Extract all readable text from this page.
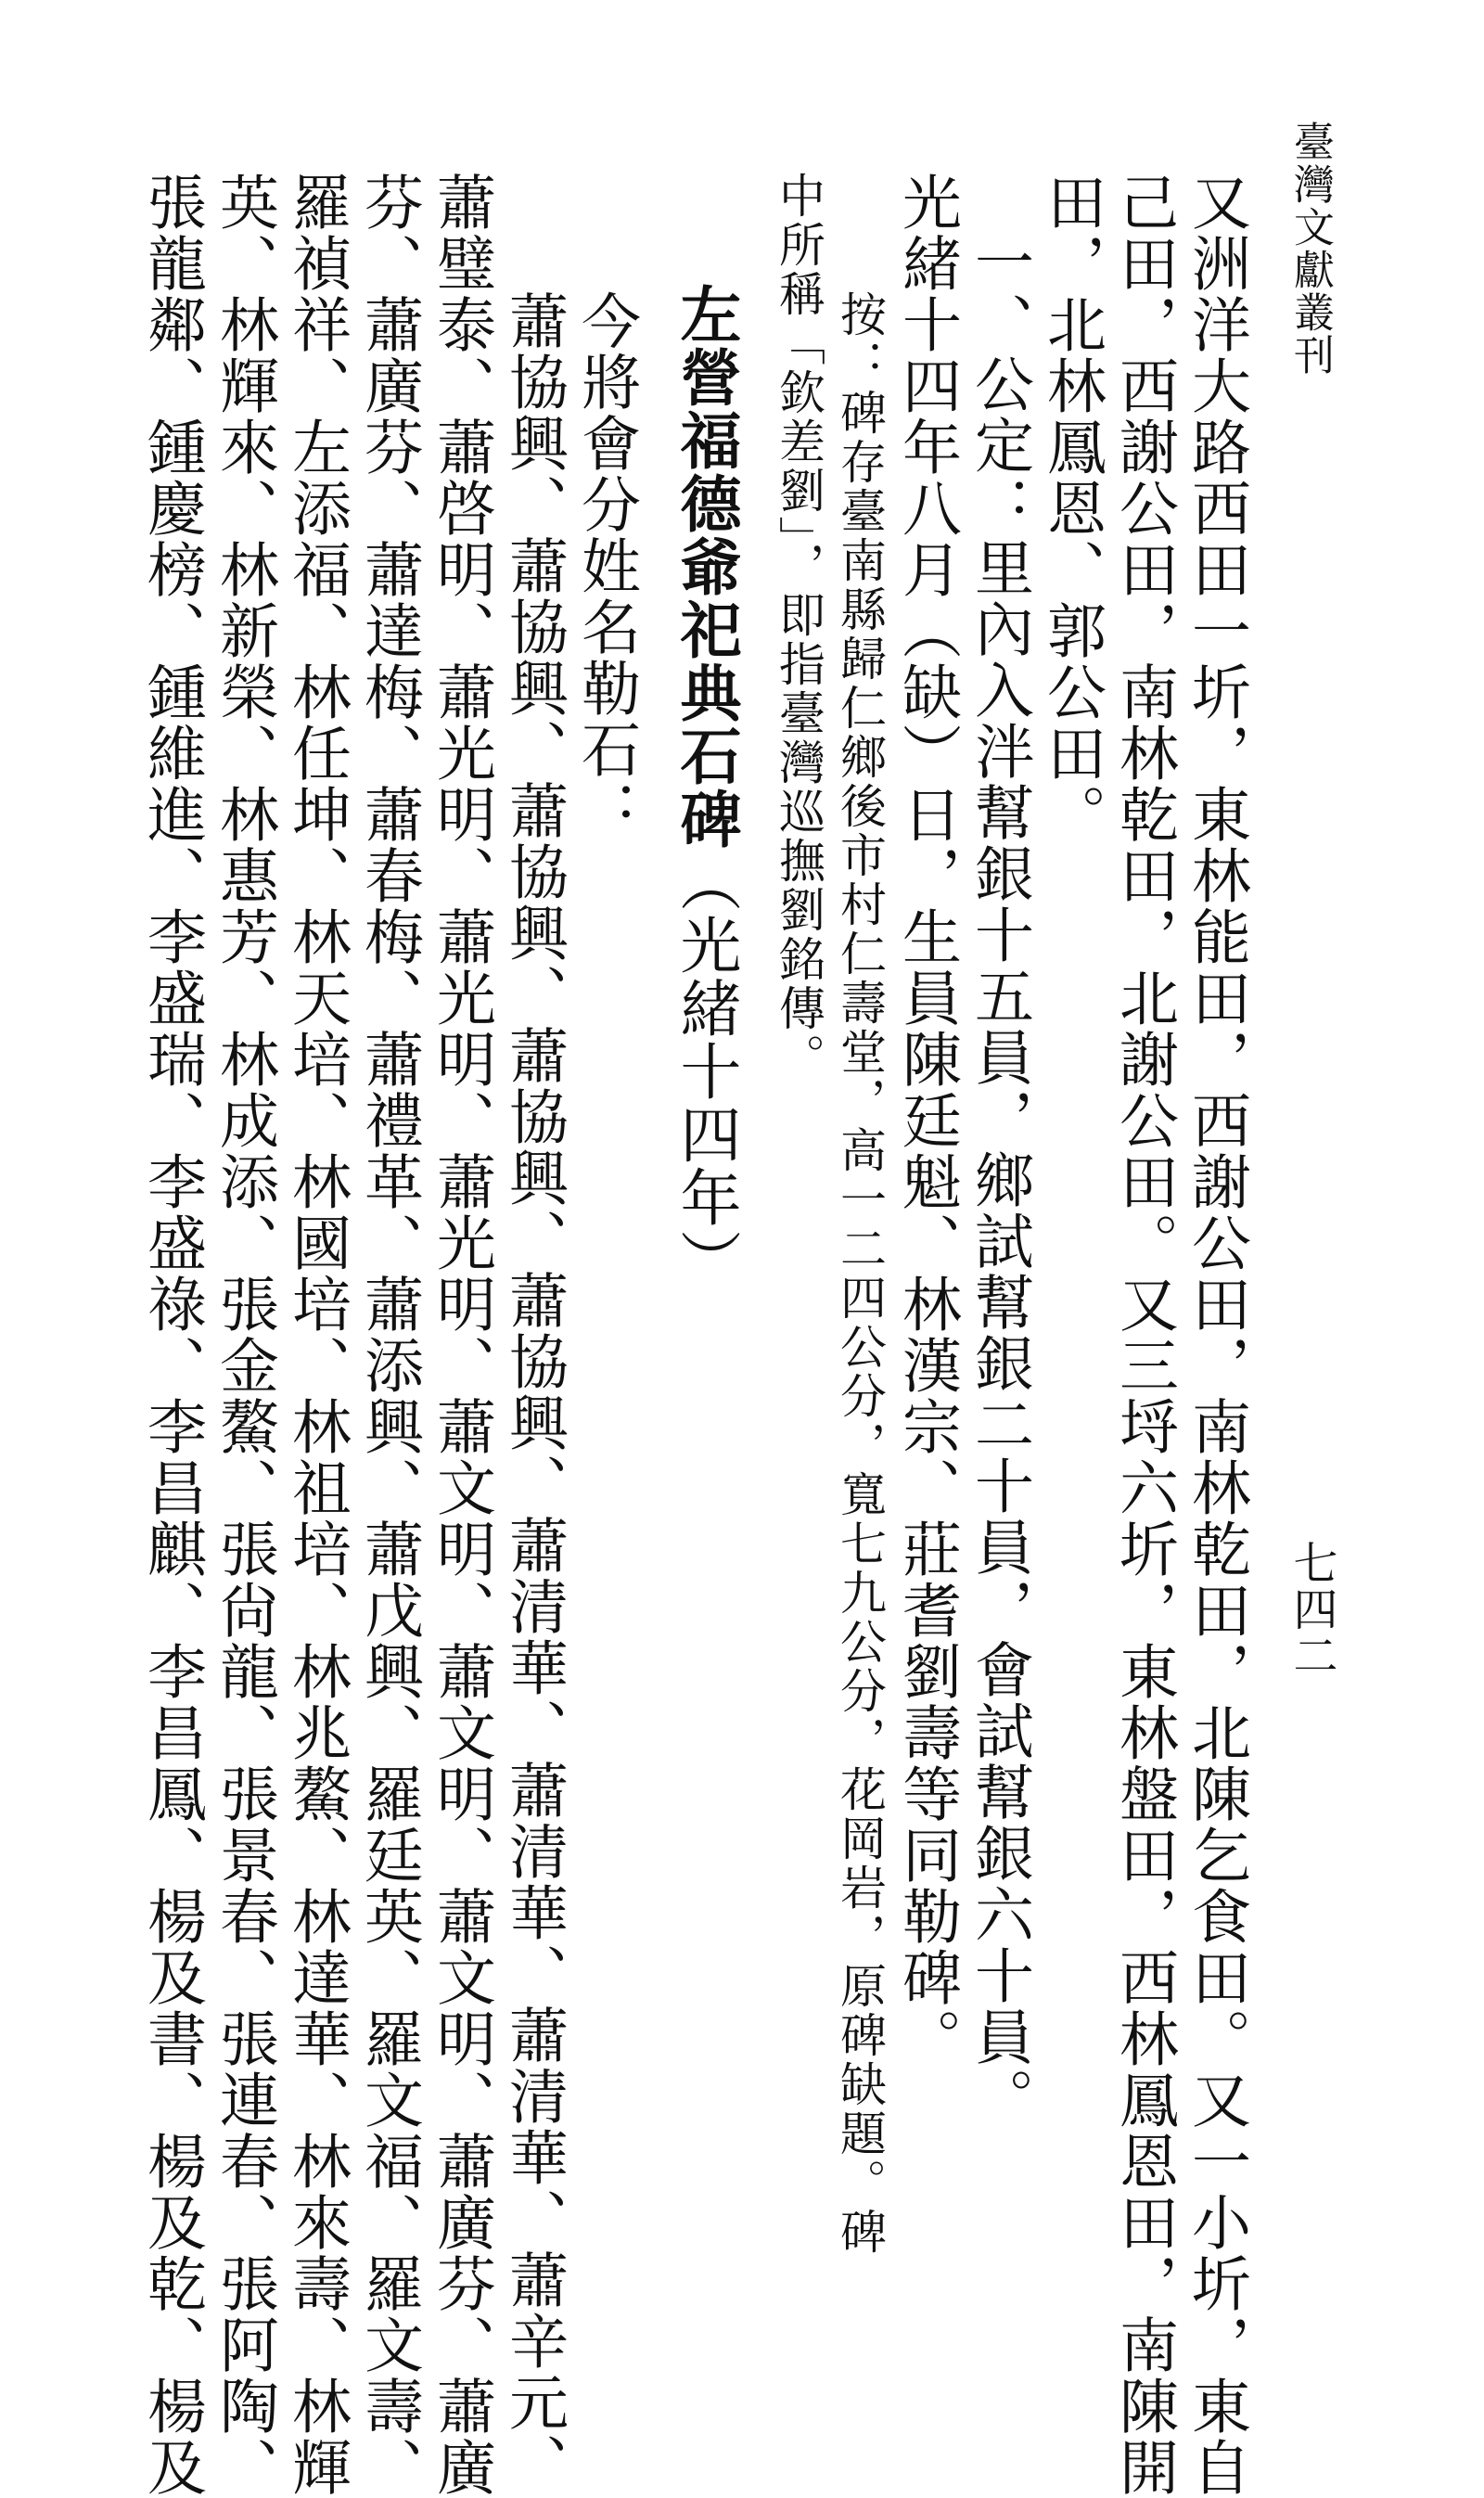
臺灣文獻叢刊
七四二
又洲洋大路西田一圻，東林能田，西謝公田，南林乾田，北陳乞食田。又一小圻，東自
己田，西謝公田，南林乾田，北謝公田。又三埒六圻，東林盤田，西林鳳恩田，南陳開
田，北林鳳恩、郭公田。
一、公定：里內入泮幫銀十五員，鄉試幫銀二十員，會試幫銀六十員。
光緒十四年八月（缺）日，生員陳廷魁、林漢宗、莊耆劉壽等同勒碑。
按：碑存臺南縣歸仁鄉後市村仁壽堂，高一二四公分，寬七九公分，花岡岩，原碑缺題。碑
中所稱「欽差劉」，即指臺灣巡撫劉銘傳。
左營福德爺祀典石碑（光緒十四年）
今將會分姓名勒石：
蕭協興、蕭協興、蕭協興、蕭協興、蕭協興、蕭清華、蕭清華、蕭清華、蕭辛元、
蕭璧泰、蕭啓明、蕭光明、蕭光明、蕭光明、蕭文明、蕭文明、蕭文明、蕭廣芬、蕭廣
芬、蕭廣芬、蕭達梅、蕭春梅、蕭禮革、蕭添興、蕭戊興、羅廷英、羅文福、羅文壽、
羅禎祥、左添福、林任坤、林天培、林國培、林祖培、林兆鰲、林達華、林來壽、林輝
英、林輝來、林新榮、林惠芳、林成添、張金鰲、張尙龍、張景春、張連春、張阿陶、
張龍鄰、鍾慶榜、鍾維進、李盛瑞、李盛祿、李昌麒、李昌鳳、楊及書、楊及乾、楊及
